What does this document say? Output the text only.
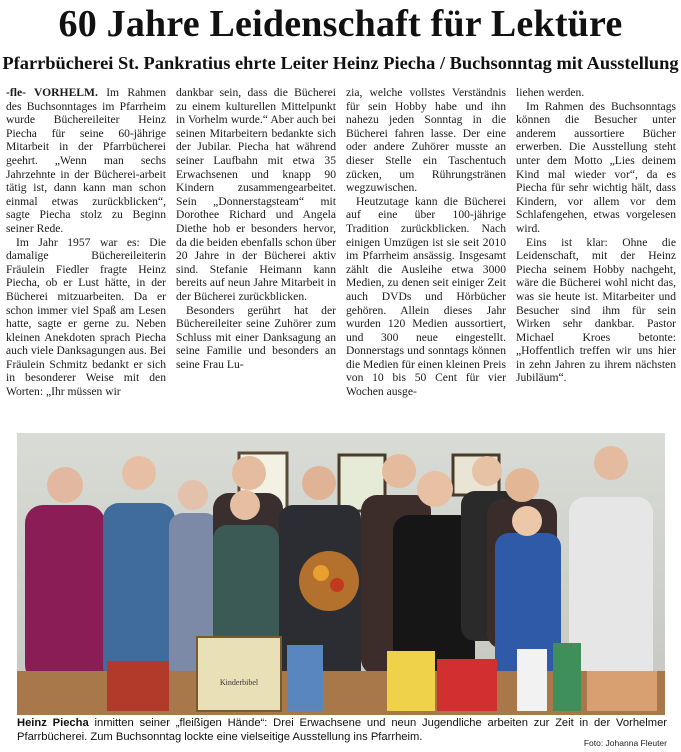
60 Jahre Leidenschaft für Lektüre
Pfarrbücherei St. Pankratius ehrte Leiter Heinz Piecha / Buchsonntag mit Ausstellung

-fle- VORHELM. Im Rahmen des Buchsonntages im Pfarrheim wurde Büchereileiter Heinz Piecha für seine 60-jährige Mitarbeit in der Pfarrbücherei geehrt. „Wenn man sechs Jahrzehnte in der Bücherei-arbeit tätig ist, dann kann man schon einmal etwas zurückblicken“, sagte Piecha stolz zu Beginn seiner Rede.

Im Jahr 1957 war es: Die damalige Büchereileiterin Fräulein Fiedler fragte Heinz Piecha, ob er Lust hätte, in der Bücherei mitzuarbeiten. Da er schon immer viel Spaß am Lesen hatte, sagte er gerne zu. Neben kleinen Anekdoten sprach Piecha auch viele Danksagungen aus. Bei Fräulein Schmitz bedankt er sich in besonderer Weise mit den Worten: „Ihr müssen wir

dankbar sein, dass die Bücherei zu einem kulturellen Mittelpunkt in Vorhelm wurde.“ Aber auch bei seinen Mitarbeitern bedankte sich der Jubilar. Piecha hat während seiner Laufbahn mit etwa 35 Erwachsenen und knapp 90 Kindern zusammengearbeitet. Sein „Donnerstagsteam“ mit Dorothee Richard und Angela Diethe hob er besonders hervor, da die beiden ebenfalls schon über 20 Jahre in der Bücherei aktiv sind. Stefanie Heimann kann bereits auf neun Jahre Mitarbeit in der Bücherei zurückblicken.

Besonders gerührt hat der Büchereileiter seine Zuhörer zum Schluss mit einer Danksagung an seine Familie und besonders an seine Frau Lu-

zia, welche vollstes Verständnis für sein Hobby habe und ihn nahezu jeden Sonntag in die Bücherei fahren lasse. Der eine oder andere Zuhörer musste an dieser Stelle ein Taschentuch zücken, um Rührungstränen wegzuwischen.

Heutzutage kann die Bücherei auf eine über 100-jährige Tradition zurückblicken. Nach einigen Umzügen ist sie seit 2010 im Pfarrheim ansässig. Insgesamt zählt die Ausleihe etwa 3000 Medien, zu denen seit einiger Zeit auch DVDs und Hörbücher gehören. Allein dieses Jahr wurden 120 Medien aussortiert, und 300 neue eingestellt. Donnerstags und sonntags können die Medien für einen kleinen Preis von 10 bis 50 Cent für vier Wochen ausge-

liehen werden.

Im Rahmen des Buchsonntags können die Besucher unter anderem aussortiere Bücher erwerben. Die Ausstellung steht unter dem Motto „Lies deinem Kind mal wieder vor“, da es Piecha für sehr wichtig hält, dass Kindern, vor allem vor dem Schlafengehen, etwas vorgelesen wird.

Eins ist klar: Ohne die Leidenschaft, mit der Heinz Piecha seinem Hobby nachgeht, wäre die Bücherei wohl nicht das, was sie heute ist. Mitarbeiter und Besucher sind ihm für sein Wirken sehr dankbar. Pastor Michael Kroes betonte: „Hoffentlich treffen wir uns hier in zehn Jahren zu ihrem nächsten Jubiläum“.

Kinderbibel
Heinz Piecha inmitten seiner „fleißigen Hände“: Drei Erwachsene und neun Jugendliche arbeiten zur Zeit in der Vorhelmer Pfarrbücherei. Zum Buchsonntag lockte eine vielseitige Ausstellung ins Pfarrheim.	Foto: Johanna Fleuter
